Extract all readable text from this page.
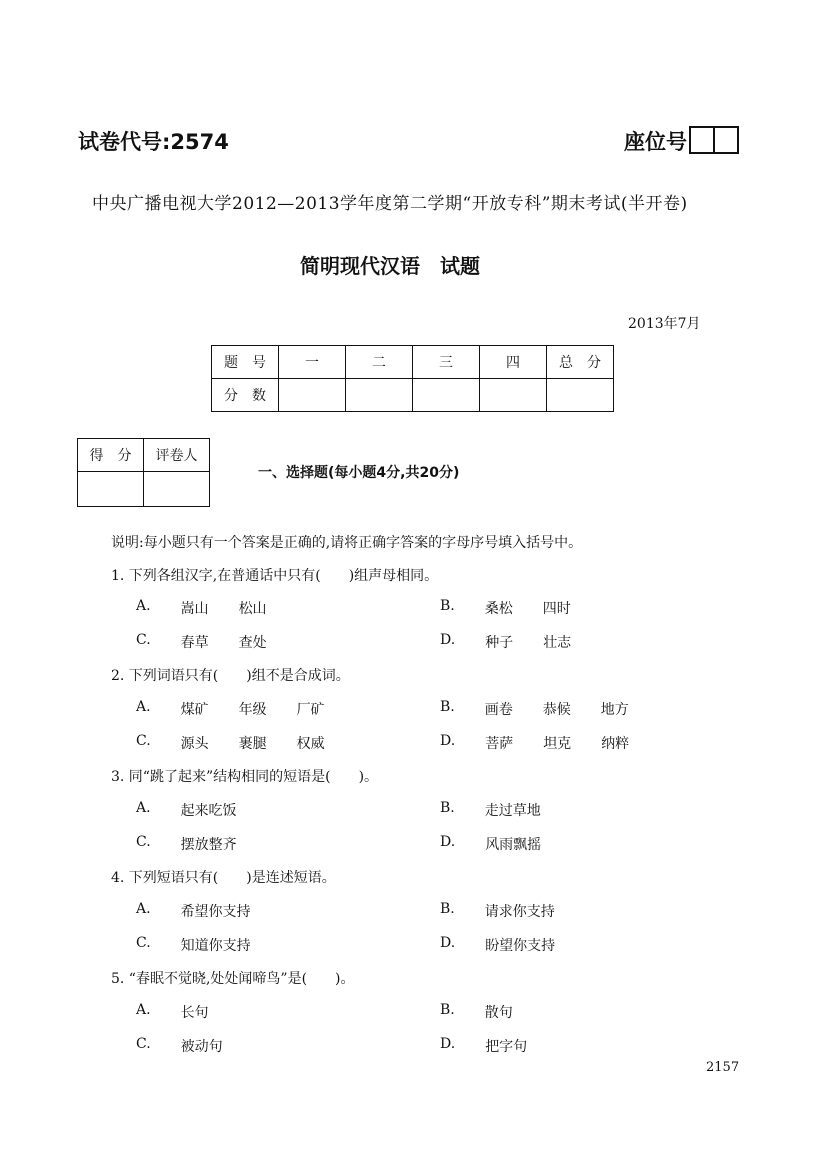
试卷代号:2574	座位号
中央广播电视大学2012—2013学年度第二学期“开放专科”期末考试(半开卷)
简明现代汉语　试题
2013年7月
题　号	一	二	三	四	总　分
分　数					
得　分	评卷人

一、选择题(每小题4分,共20分)
说明:每小题只有一个答案是正确的,请将正确字答案的字母序号填入括号中。
1. 下列各组汉字,在普通话中只有(　　)组声母相同。
A. 嵩山 松山	B. 桑松 四时
C. 春草 查处	D. 种子 壮志
2. 下列词语只有(　　)组不是合成词。
A. 煤矿 年级 厂矿	B. 画卷 恭候 地方
C. 源头 裹腿 权威	D. 菩萨 坦克 纳粹
3. 同“跳了起来”结构相同的短语是(　　)。
A. 起来吃饭	B. 走过草地
C. 摆放整齐	D. 风雨飘摇
4. 下列短语只有(　　)是连述短语。
A. 希望你支持	B. 请求你支持
C. 知道你支持	D. 盼望你支持
5. “春眠不觉晓,处处闻啼鸟”是(　　)。
A. 长句	B. 散句
C. 被动句	D. 把字句
2157
